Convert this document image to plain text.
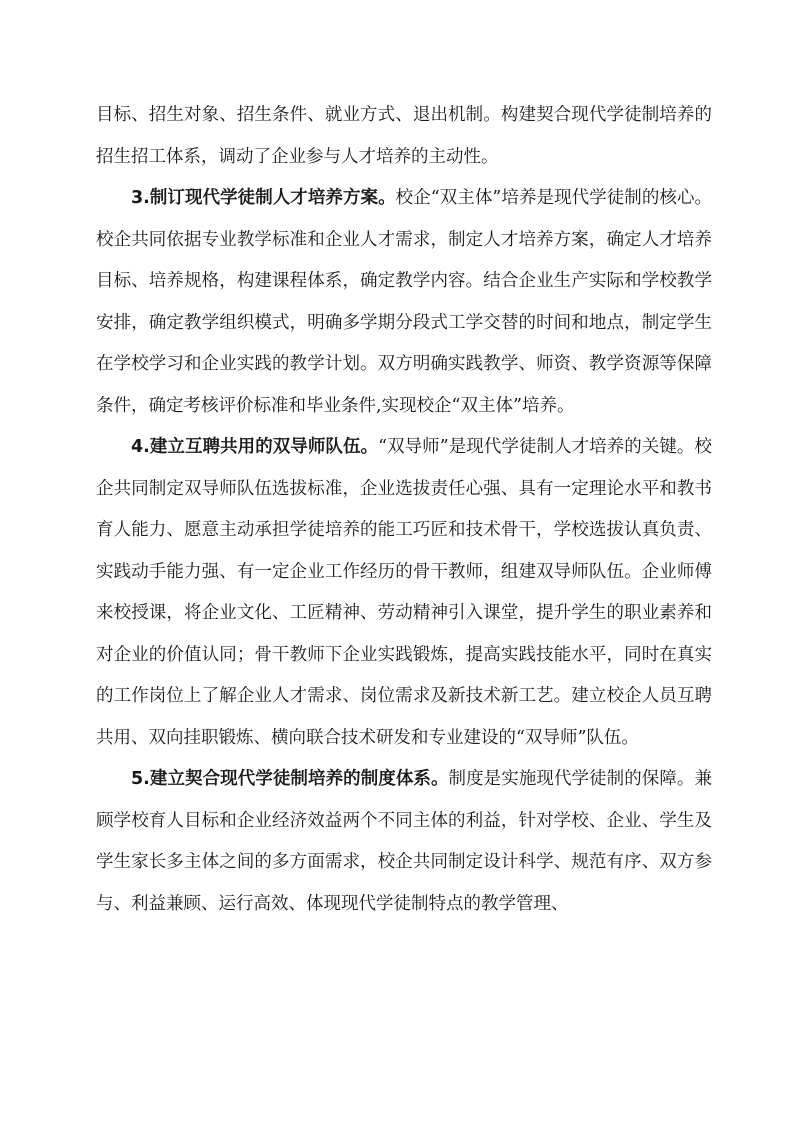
目标、招生对象、招生条件、就业方式、退出机制。构建契合现代学徒制培养的招生招工体系，调动了企业参与人才培养的主动性。

3.制订现代学徒制人才培养方案。校企“双主体”培养是现代学徒制的核心。校企共同依据专业教学标准和企业人才需求，制定人才培养方案，确定人才培养目标、培养规格，构建课程体系，确定教学内容。结合企业生产实际和学校教学安排，确定教学组织模式，明确多学期分段式工学交替的时间和地点，制定学生在学校学习和企业实践的教学计划。双方明确实践教学、师资、教学资源等保障条件，确定考核评价标准和毕业条件,实现校企“双主体”培养。

4.建立互聘共用的双导师队伍。“双导师”是现代学徒制人才培养的关键。校企共同制定双导师队伍选拔标准，企业选拔责任心强、具有一定理论水平和教书育人能力、愿意主动承担学徒培养的能工巧匠和技术骨干，学校选拔认真负责、实践动手能力强、有一定企业工作经历的骨干教师，组建双导师队伍。企业师傅来校授课，将企业文化、工匠精神、劳动精神引入课堂，提升学生的职业素养和对企业的价值认同；骨干教师下企业实践锻炼，提高实践技能水平，同时在真实的工作岗位上了解企业人才需求、岗位需求及新技术新工艺。建立校企人员互聘共用、双向挂职锻炼、横向联合技术研发和专业建设的“双导师”队伍。

5.建立契合现代学徒制培养的制度体系。制度是实施现代学徒制的保障。兼顾学校育人目标和企业经济效益两个不同主体的利益，针对学校、企业、学生及学生家长多主体之间的多方面需求，校企共同制定设计科学、规范有序、双方参与、利益兼顾、运行高效、体现现代学徒制特点的教学管理、
